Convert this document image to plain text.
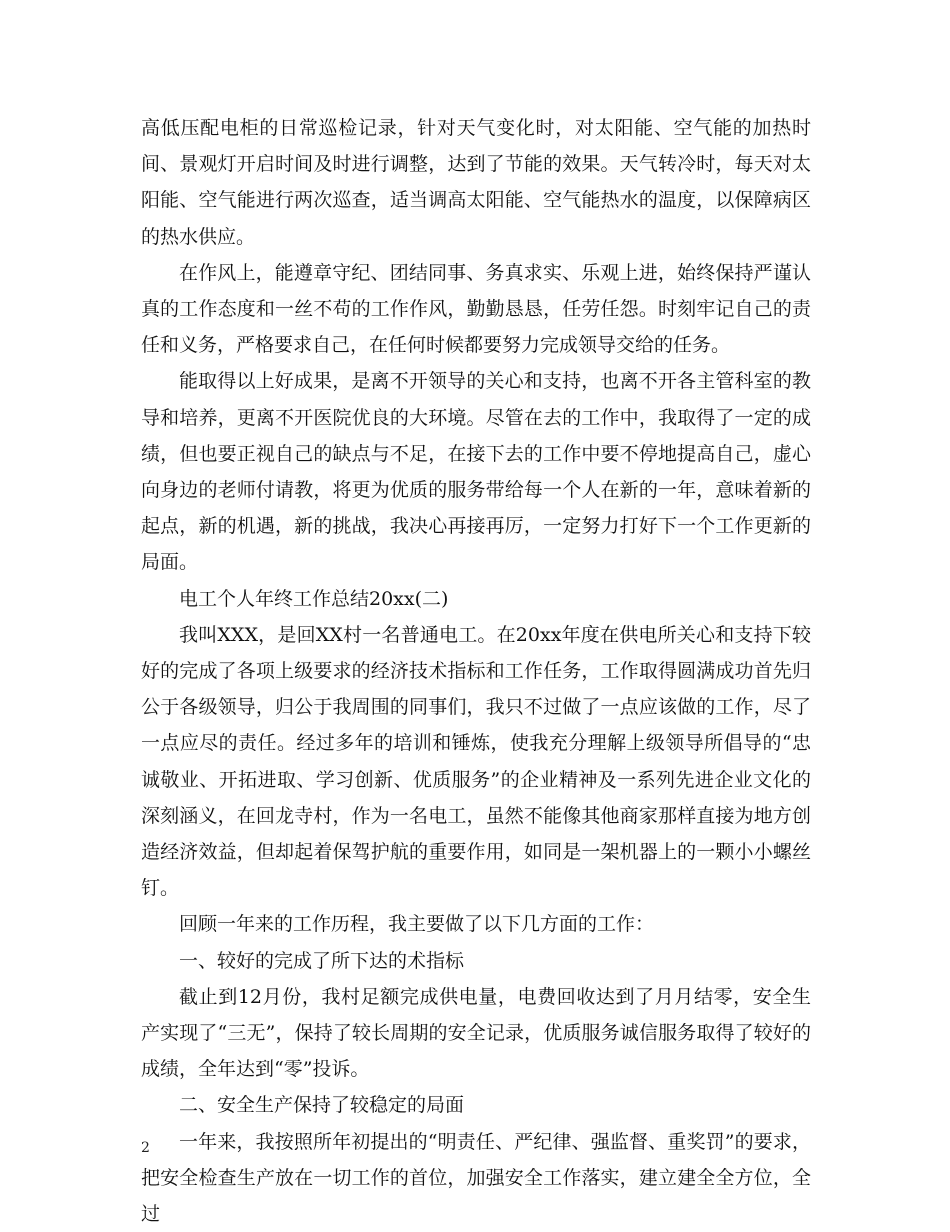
高低压配电柜的日常巡检记录，针对天气变化时，对太阳能、空气能的加热时间、景观灯开启时间及时进行调整，达到了节能的效果。天气转冷时，每天对太阳能、空气能进行两次巡查，适当调高太阳能、空气能热水的温度，以保障病区的热水供应。

在作风上，能遵章守纪、团结同事、务真求实、乐观上进，始终保持严谨认真的工作态度和一丝不苟的工作作风，勤勤恳恳，任劳任怨。时刻牢记自己的责任和义务，严格要求自己，在任何时候都要努力完成领导交给的任务。

能取得以上好成果，是离不开领导的关心和支持，也离不开各主管科室的教导和培养，更离不开医院优良的大环境。尽管在去的工作中，我取得了一定的成绩，但也要正视自己的缺点与不足，在接下去的工作中要不停地提高自己，虚心向身边的老师付请教，将更为优质的服务带给每一个人在新的一年，意味着新的起点，新的机遇，新的挑战，我决心再接再厉，一定努力打好下一个工作更新的局面。

电工个人年终工作总结20xx(二)

我叫XXX，是回XX村一名普通电工。在20xx年度在供电所关心和支持下较好的完成了各项上级要求的经济技术指标和工作任务，工作取得圆满成功首先归公于各级领导，归公于我周围的同事们，我只不过做了一点应该做的工作，尽了一点应尽的责任。经过多年的培训和锤炼，使我充分理解上级领导所倡导的“忠诚敬业、开拓进取、学习创新、优质服务”的企业精神及一系列先进企业文化的深刻涵义，在回龙寺村，作为一名电工，虽然不能像其他商家那样直接为地方创造经济效益，但却起着保驾护航的重要作用，如同是一架机器上的一颗小小螺丝钉。

回顾一年来的工作历程，我主要做了以下几方面的工作：

一、较好的完成了所下达的术指标

截止到12月份，我村足额完成供电量，电费回收达到了月月结零，安全生产实现了“三无”，保持了较长周期的安全记录，优质服务诚信服务取得了较好的成绩，全年达到“零”投诉。

二、安全生产保持了较稳定的局面

一年来，我按照所年初提出的“明责任、严纪律、强监督、重奖罚”的要求，把安全检查生产放在一切工作的首位，加强安全工作落实，建立建全全方位，全过

2
